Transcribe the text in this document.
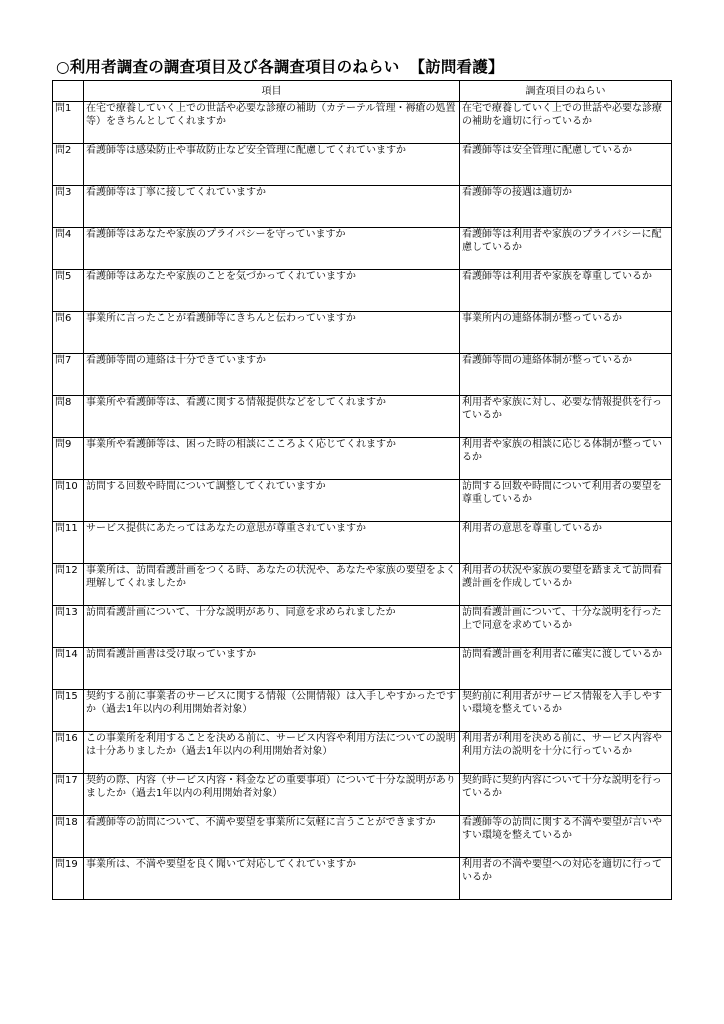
○利用者調査の調査項目及び各調査項目のねらい 【訪問看護】
	項目	調査項目のねらい
問1	在宅で療養していく上での世話や必要な診療の補助（カテーテル管理・褥瘡の処置等）をきちんとしてくれますか	在宅で療養していく上での世話や必要な診療の補助を適切に行っているか
問2	看護師等は感染防止や事故防止など安全管理に配慮してくれていますか	看護師等は安全管理に配慮しているか
問3	看護師等は丁寧に接してくれていますか	看護師等の接遇は適切か
問4	看護師等はあなたや家族のプライバシーを守っていますか	看護師等は利用者や家族のプライバシーに配慮しているか
問5	看護師等はあなたや家族のことを気づかってくれていますか	看護師等は利用者や家族を尊重しているか
問6	事業所に言ったことが看護師等にきちんと伝わっていますか	事業所内の連絡体制が整っているか
問7	看護師等間の連絡は十分できていますか	看護師等間の連絡体制が整っているか
問8	事業所や看護師等は、看護に関する情報提供などをしてくれますか	利用者や家族に対し、必要な情報提供を行っているか
問9	事業所や看護師等は、困った時の相談にこころよく応じてくれますか	利用者や家族の相談に応じる体制が整っているか
問10	訪問する回数や時間について調整してくれていますか	訪問する回数や時間について利用者の要望を尊重しているか
問11	サービス提供にあたってはあなたの意思が尊重されていますか	利用者の意思を尊重しているか
問12	事業所は、訪問看護計画をつくる時、あなたの状況や、あなたや家族の要望をよく理解してくれましたか	利用者の状況や家族の要望を踏まえて訪問看護計画を作成しているか
問13	訪問看護計画について、十分な説明があり、同意を求められましたか	訪問看護計画について、十分な説明を行った上で同意を求めているか
問14	訪問看護計画書は受け取っていますか	訪問看護計画を利用者に確実に渡しているか
問15	契約する前に事業者のサービスに関する情報（公開情報）は入手しやすかったですか（過去1年以内の利用開始者対象）	契約前に利用者がサービス情報を入手しやすい環境を整えているか
問16	この事業所を利用することを決める前に、サービス内容や利用方法についての説明は十分ありましたか（過去1年以内の利用開始者対象）	利用者が利用を決める前に、サービス内容や利用方法の説明を十分に行っているか
問17	契約の際、内容（サービス内容・料金などの重要事項）について十分な説明がありましたか（過去1年以内の利用開始者対象）	契約時に契約内容について十分な説明を行っているか
問18	看護師等の訪問について、不満や要望を事業所に気軽に言うことができますか	看護師等の訪問に関する不満や要望が言いやすい環境を整えているか
問19	事業所は、不満や要望を良く聞いて対応してくれていますか	利用者の不満や要望への対応を適切に行っているか
